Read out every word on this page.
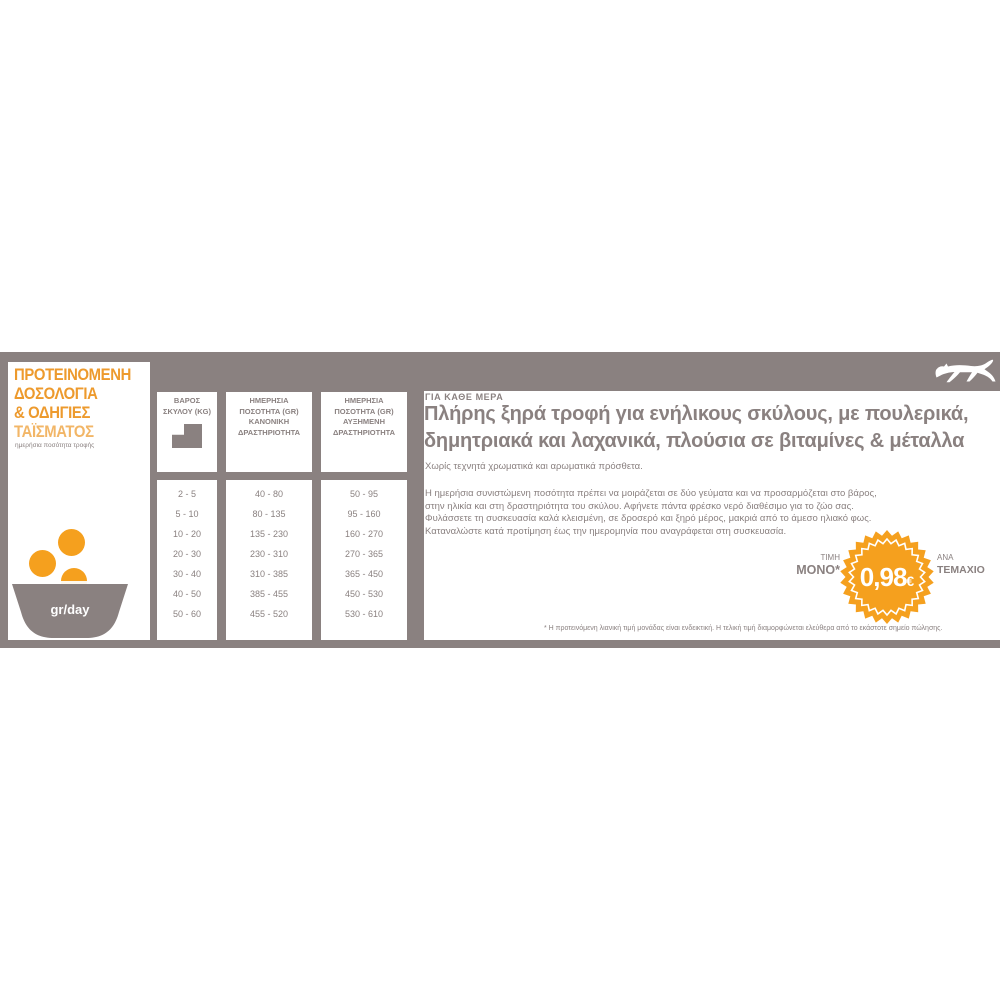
ΠΡΟΤΕΙΝΟΜΕΝΗ
ΔΟΣΟΛΟΓΙΑ
& ΟΔΗΓΙΕΣ
ΤΑΪΣΜΑΤΟΣ
ημερήσια ποσότητα τροφής
gr/day
ΒΑΡΟΣ
ΣΚΥΛΟΥ (KG)
ΗΜΕΡΗΣΙΑ
ΠΟΣΟΤΗΤΑ (GR)
ΚΑΝΟΝΙΚΗ
ΔΡΑΣΤΗΡΙΟΤΗΤΑ
ΗΜΕΡΗΣΙΑ
ΠΟΣΟΤΗΤΑ (GR)
ΑΥΞΗΜΕΝΗ
ΔΡΑΣΤΗΡΙΟΤΗΤΑ
2 - 5
5 - 10
10 - 20
20 - 30
30 - 40
40 - 50
50 - 60
40 - 80
80 - 135
135 - 230
230 - 310
310 - 385
385 - 455
455 - 520
50 - 95
95 - 160
160 - 270
270 - 365
365 - 450
450 - 530
530 - 610
ΓΙΑ ΚΑΘΕ ΜΕΡΑ
Πλήρης ξηρά τροφή για ενήλικους σκύλους, με πουλερικά,
δημητριακά και λαχανικά, πλούσια σε βιταμίνες & μέταλλα
Χωρίς τεχνητά χρωματικά και αρωματικά πρόσθετα.
Η ημερήσια συνιστώμενη ποσότητα πρέπει να μοιράζεται σε δύο γεύματα και να προσαρμόζεται στο βάρος,
στην ηλικία και στη δραστηριότητα του σκύλου. Αφήνετε πάντα φρέσκο νερό διαθέσιμο για το ζώο σας.
Φυλάσσετε τη συσκευασία καλά κλεισμένη, σε δροσερό και ξηρό μέρος, μακριά από το άμεσο ηλιακό φως.
Καταναλώστε κατά προτίμηση έως την ημερομηνία που αναγράφεται στη συσκευασία.
ΤΙΜΗ
ΜΟΝΟ* 0,98 €
ΑΝΑ
ΤΕΜΑΧΙΟ
* Η προτεινόμενη λιανική τιμή μονάδας είναι ενδεικτική. Η τελική τιμή διαμορφώνεται ελεύθερα από το εκάστοτε σημείο πώλησης.
